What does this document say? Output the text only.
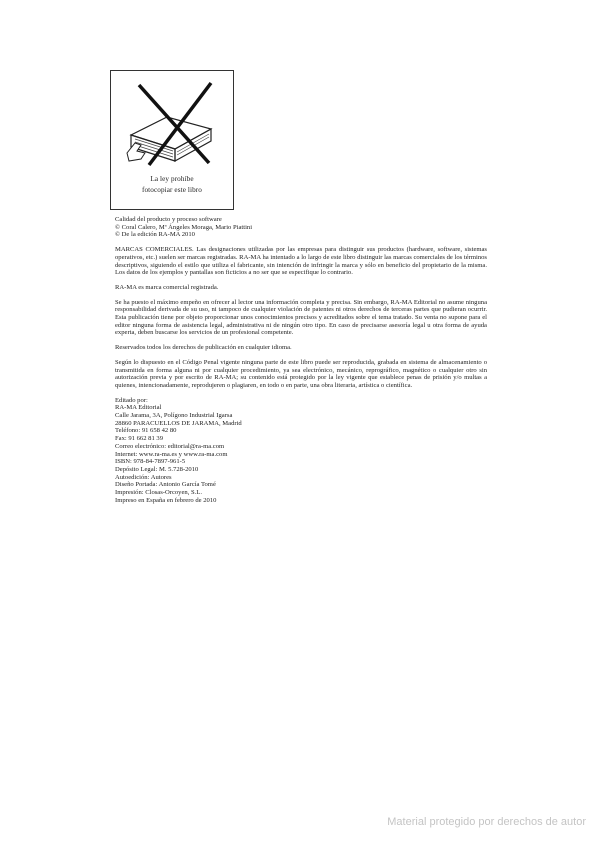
La ley prohíbe
fotocopiar este libro
Calidad del producto y proceso software
© Coral Calero, Mª Ángeles Moraga, Mario Piattini
© De la edición RA-MA 2010

MARCAS COMERCIALES. Las designaciones utilizadas por las empresas para distinguir sus productos (hardware, software, sistemas operativos, etc.) suelen ser marcas registradas. RA-MA ha intentado a lo largo de este libro distinguir las marcas comerciales de los términos descriptivos, siguiendo el estilo que utiliza el fabricante, sin intención de infringir la marca y sólo en beneficio del propietario de la misma. Los datos de los ejemplos y pantallas son ficticios a no ser que se especifique lo contrario.

RA-MA es marca comercial registrada.

Se ha puesto el máximo empeño en ofrecer al lector una información completa y precisa. Sin embargo, RA-MA Editorial no asume ninguna responsabilidad derivada de su uso, ni tampoco de cualquier violación de patentes ni otros derechos de terceras partes que pudieran ocurrir. Esta publicación tiene por objeto proporcionar unos conocimientos precisos y acreditados sobre el tema tratado. Su venta no supone para el editor ninguna forma de asistencia legal, administrativa ni de ningún otro tipo. En caso de precisarse asesoría legal u otra forma de ayuda experta, deben buscarse los servicios de un profesional competente.

Reservados todos los derechos de publicación en cualquier idioma.

Según lo dispuesto en el Código Penal vigente ninguna parte de este libro puede ser reproducida, grabada en sistema de almacenamiento o transmitida en forma alguna ni por cualquier procedimiento, ya sea electrónico, mecánico, reprográfico, magnético o cualquier otro sin autorización previa y por escrito de RA-MA; su contenido está protegido por la ley vigente que establece penas de prisión y/o multas a quienes, intencionadamente, reprodujeren o plagiaren, en todo o en parte, una obra literaria, artística o científica.

Editado por:
RA-MA Editorial
Calle Jarama, 3A, Polígono Industrial Igarsa
28860 PARACUELLOS DE JARAMA, Madrid
Teléfono: 91 658 42 80
Fax: 91 662 81 39
Correo electrónico: editorial@ra-ma.com
Internet: www.ra-ma.es y www.ra-ma.com
ISBN: 978-84-7897-961-5
Depósito Legal: M. 5.728-2010
Autoedición: Autores
Diseño Portada: Antonio García Tomé
Impresión: Closas-Orcoyen, S.L.
Impreso en España en febrero de 2010
Material protegido por derechos de autor
